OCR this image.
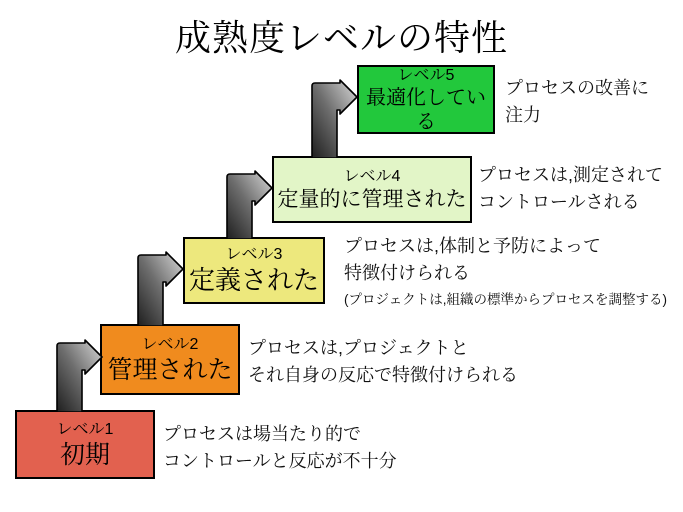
成熟度レベルの特性
レベル1
初期
プロセスは場当たり的で
コントロールと反応が不十分
レベル2
管理された
プロセスは,プロジェクトと
それ自身の反応で特徴付けられる
レベル3
定義された
プロセスは,体制と予防によって
特徴付けられる
(プロジェクトは,組織の標準からプロセスを調整する)
レベル4
定量的に管理された
プロセスは,測定されて
コントロールされる
レベル5
最適化している
プロセスの改善に
注力
